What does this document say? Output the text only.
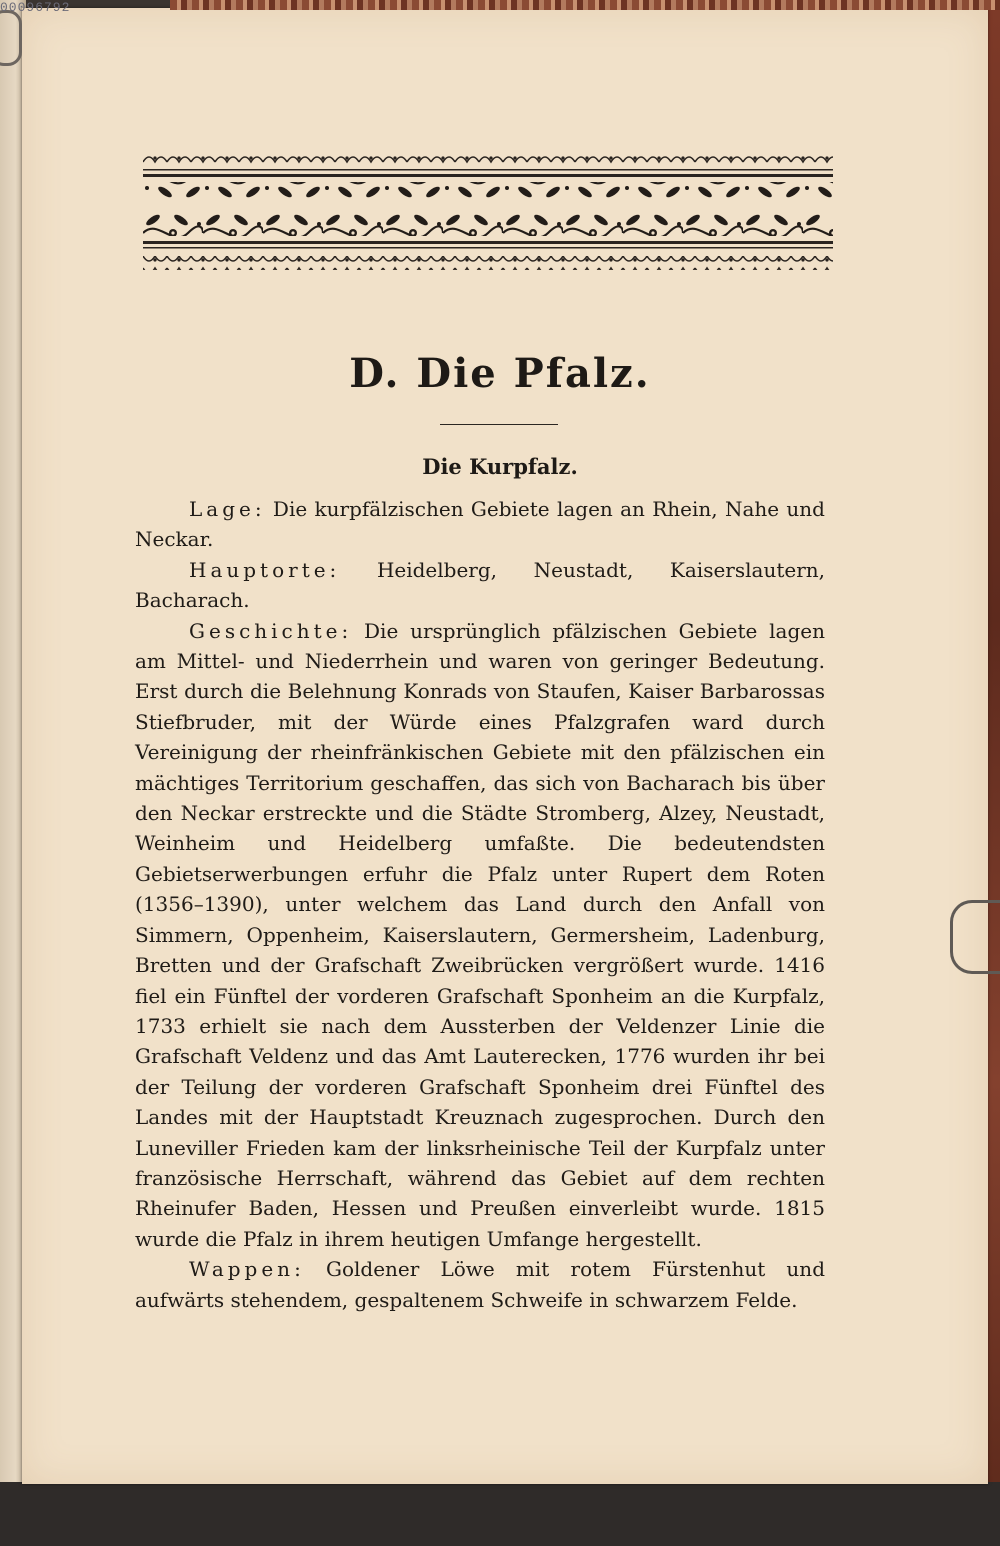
00096792
D. Die Pfalz.
Die Kurpfalz.

Lage: Die kurpfälzischen Gebiete lagen an Rhein, Nahe und Neckar.

Hauptorte: Heidelberg, Neustadt, Kaiserslautern, Bacharach.

Geschichte: Die ursprünglich pfälzischen Gebiete lagen am Mittel- und Niederrhein und waren von geringer Bedeutung. Erst durch die Belehnung Konrads von Staufen, Kaiser Barbarossas Stiefbruder, mit der Würde eines Pfalzgrafen ward durch Vereinigung der rheinfränkischen Gebiete mit den pfälzischen ein mächtiges Territorium geschaffen, das sich von Bacharach bis über den Neckar erstreckte und die Städte Stromberg, Alzey, Neustadt, Weinheim und Heidelberg umfaßte. Die bedeutendsten Gebietserwerbungen erfuhr die Pfalz unter Rupert dem Roten (1356–1390), unter welchem das Land durch den Anfall von Simmern, Oppenheim, Kaiserslautern, Germersheim, Ladenburg, Bretten und der Grafschaft Zweibrücken vergrößert wurde. 1416 fiel ein Fünftel der vorderen Grafschaft Sponheim an die Kurpfalz, 1733 erhielt sie nach dem Aussterben der Veldenzer Linie die Grafschaft Veldenz und das Amt Lauterecken, 1776 wurden ihr bei der Teilung der vorderen Grafschaft Sponheim drei Fünftel des Landes mit der Hauptstadt Kreuznach zugesprochen. Durch den Luneviller Frieden kam der linksrheinische Teil der Kurpfalz unter französische Herrschaft, während das Gebiet auf dem rechten Rheinufer Baden, Hessen und Preußen einverleibt wurde. 1815 wurde die Pfalz in ihrem heutigen Umfange hergestellt.

Wappen: Goldener Löwe mit rotem Fürstenhut und aufwärts stehendem, gespaltenem Schweife in schwarzem Felde.
